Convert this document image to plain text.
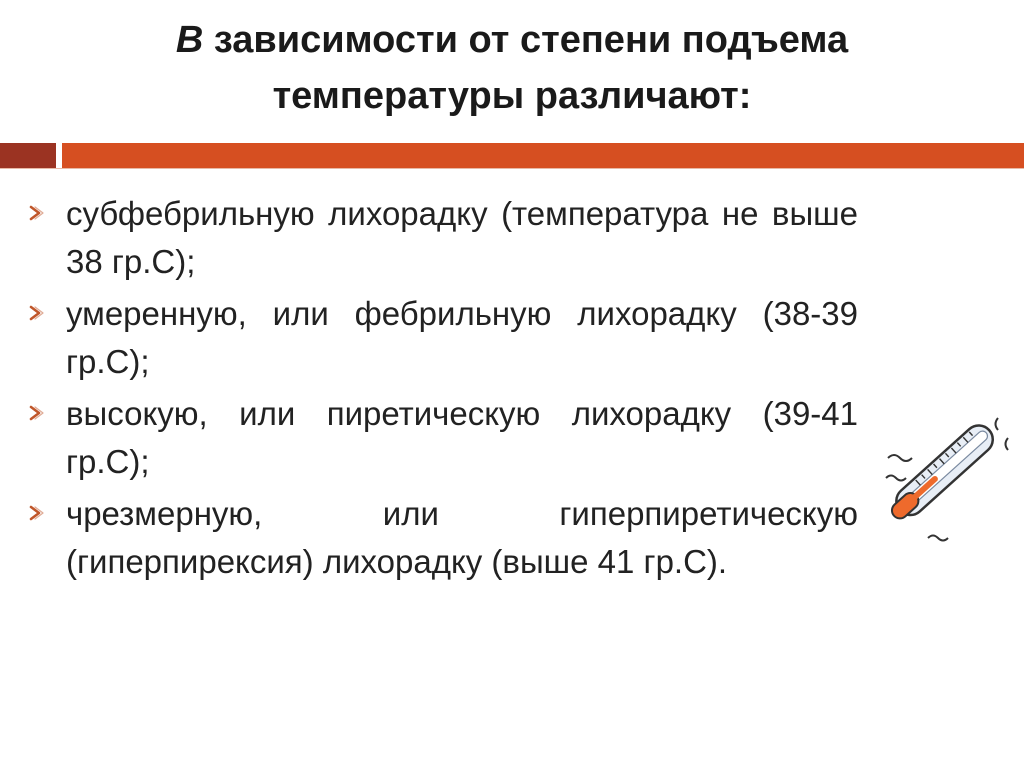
В зависимости от степени подъема температуры различают:
субфебрильную лихорадку (температура не выше 38 гр.С);
умеренную, или фебрильную лихорадку (38-39 гр.С);
высокую, или пиретическую лихорадку (39-41 гр.С);
чрезмерную, или гиперпиретическую (гиперпирексия) лихорадку (выше 41 гр.С).
